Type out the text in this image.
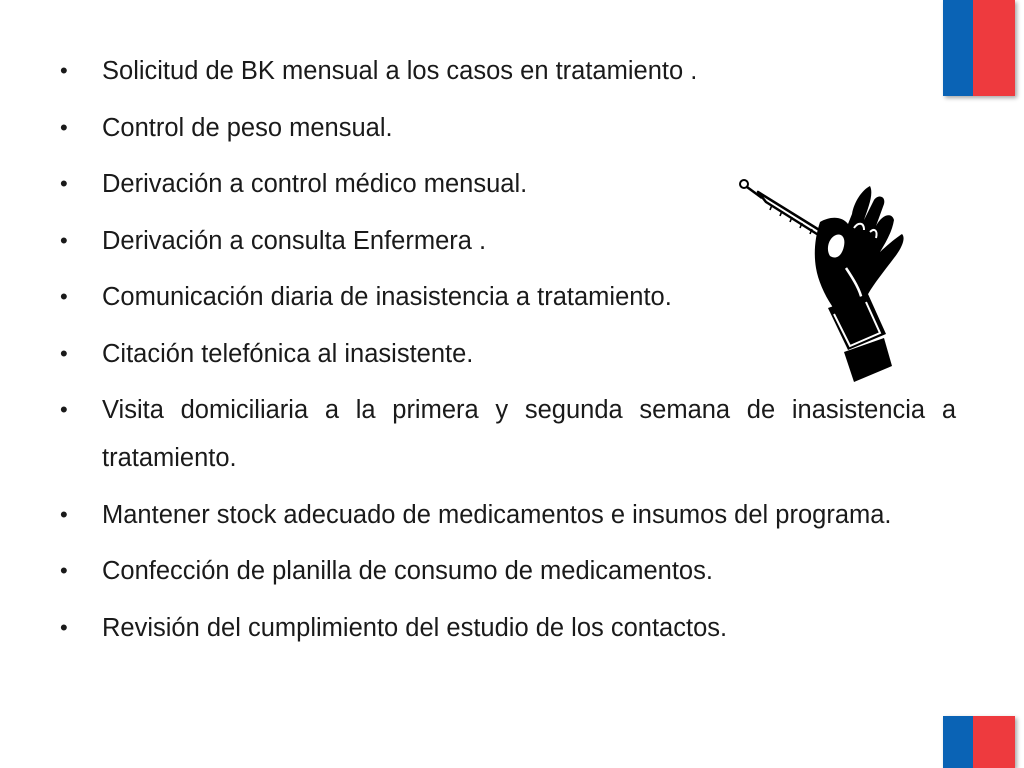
• Solicitud de BK mensual a los casos en tratamiento .
• Control de peso mensual.
• Derivación a control médico mensual.
• Derivación a consulta Enfermera .
• Comunicación diaria de inasistencia a tratamiento.
• Citación telefónica al inasistente.
• Visita domiciliaria a la primera y segunda semana de inasistencia a tratamiento.
• Mantener stock adecuado de medicamentos e insumos del programa.
• Confección de planilla de consumo de medicamentos.
• Revisión del cumplimiento del estudio de los contactos.
